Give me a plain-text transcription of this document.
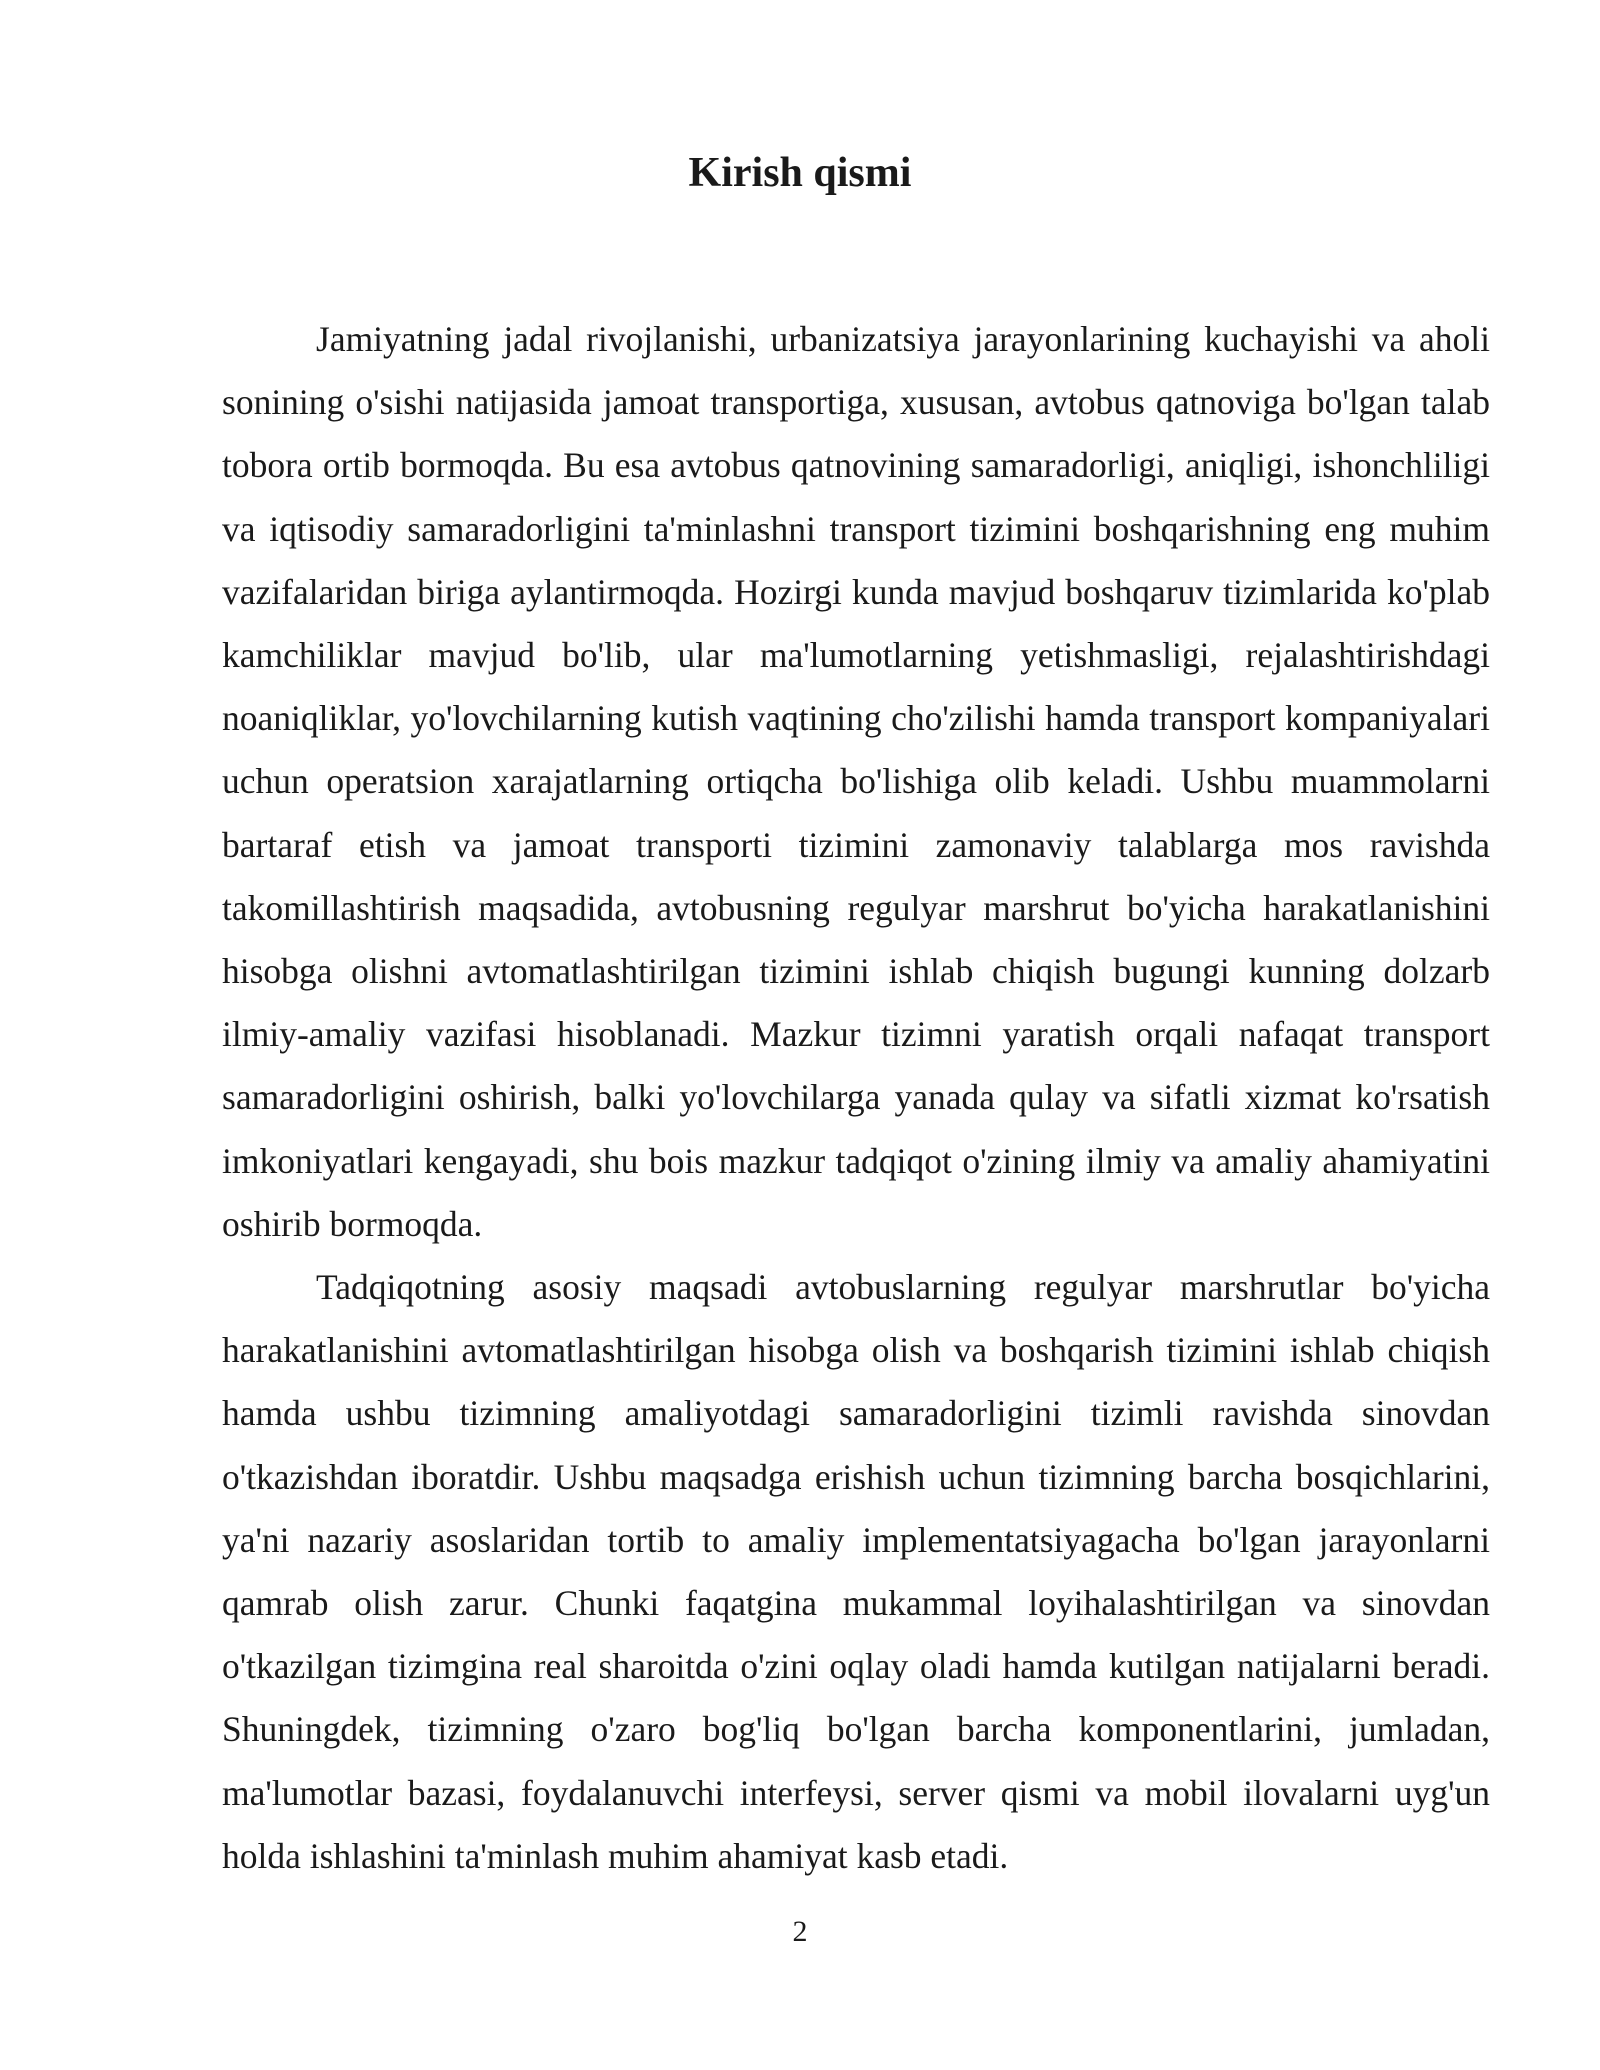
Kirish qismi

Jamiyatning jadal rivojlanishi, urbanizatsiya jarayonlarining kuchayishi va aholi sonining o'sishi natijasida jamoat transportiga, xususan, avtobus qatnoviga bo'lgan talab tobora ortib bormoqda. Bu esa avtobus qatnovining samaradorligi, aniqligi, ishonchliligi va iqtisodiy samaradorligini ta'minlashni transport tizimini boshqarishning eng muhim vazifalaridan biriga aylantirmoqda. Hozirgi kunda mavjud boshqaruv tizimlarida ko'plab kamchiliklar mavjud bo'lib, ular ma'lumotlarning yetishmasligi, rejalashtirishdagi noaniqliklar, yo'lovchilarning kutish vaqtining cho'zilishi hamda transport kompaniyalari uchun operatsion xarajatlarning ortiqcha bo'lishiga olib keladi. Ushbu muammolarni bartaraf etish va jamoat transporti tizimini zamonaviy talablarga mos ravishda takomillashtirish maqsadida, avtobusning regulyar marshrut bo'yicha harakatlanishini hisobga olishni avtomatlashtirilgan tizimini ishlab chiqish bugungi kunning dolzarb ilmiy-amaliy vazifasi hisoblanadi. Mazkur tizimni yaratish orqali nafaqat transport samaradorligini oshirish, balki yo'lovchilarga yanada qulay va sifatli xizmat ko'rsatish imkoniyatlari kengayadi, shu bois mazkur tadqiqot o'zining ilmiy va amaliy ahamiyatini oshirib bormoqda.

Tadqiqotning asosiy maqsadi avtobuslarning regulyar marshrutlar bo'yicha harakatlanishini avtomatlashtirilgan hisobga olish va boshqarish tizimini ishlab chiqish hamda ushbu tizimning amaliyotdagi samaradorligini tizimli ravishda sinovdan o'tkazishdan iboratdir. Ushbu maqsadga erishish uchun tizimning barcha bosqichlarini, ya'ni nazariy asoslaridan tortib to amaliy implementatsiyagacha bo'lgan jarayonlarni qamrab olish zarur. Chunki faqatgina mukammal loyihalashtirilgan va sinovdan o'tkazilgan tizimgina real sharoitda o'zini oqlay oladi hamda kutilgan natijalarni beradi. Shuningdek, tizimning o'zaro bog'liq bo'lgan barcha komponentlarini, jumladan, ma'lumotlar bazasi, foydalanuvchi interfeysi, server qismi va mobil ilovalarni uyg'un holda ishlashini ta'minlash muhim ahamiyat kasb etadi.

2
